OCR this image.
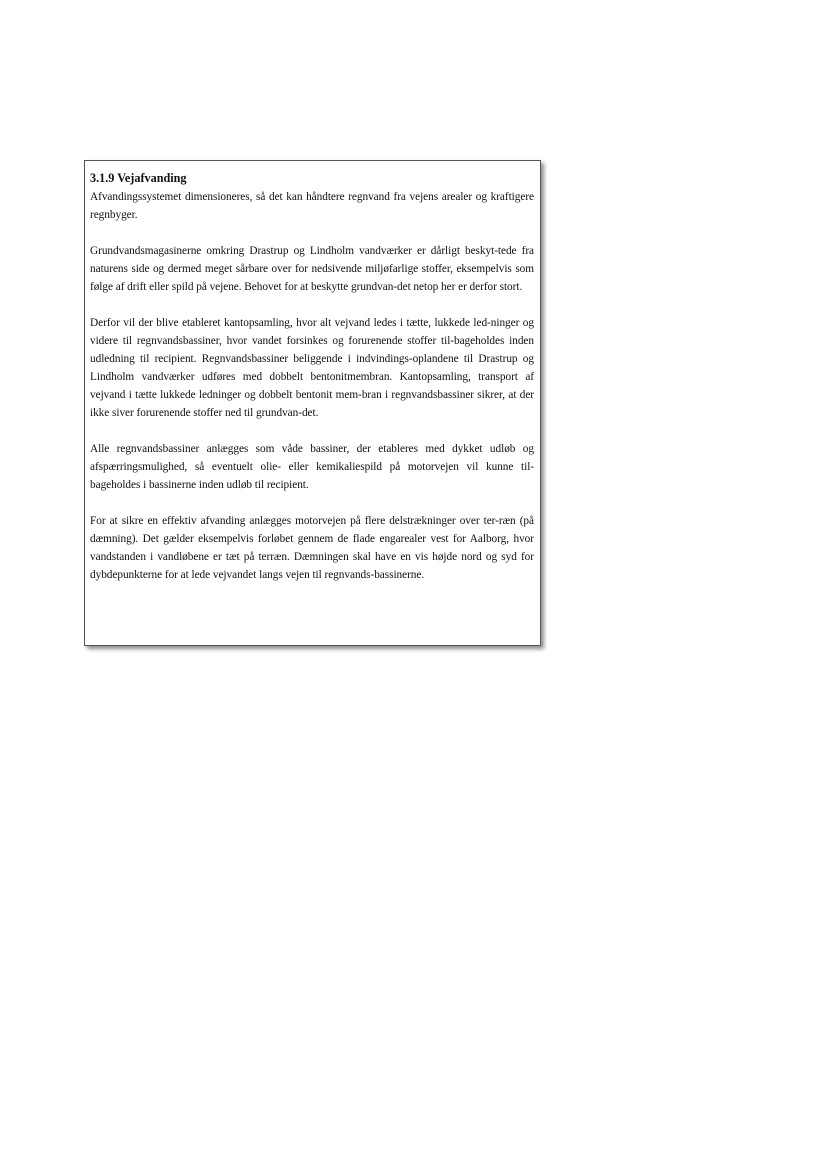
3.1.9 Vejafvanding

Afvandingssystemet dimensioneres, så det kan håndtere regnvand fra vejens arealer og kraftigere regnbyger.

Grundvandsmagasinerne omkring Drastrup og Lindholm vandværker er dårligt beskyt-tede fra naturens side og dermed meget sårbare over for nedsivende miljøfarlige stoffer, eksempelvis som følge af drift eller spild på vejene. Behovet for at beskytte grundvan-det netop her er derfor stort.

Derfor vil der blive etableret kantopsamling, hvor alt vejvand ledes i tætte, lukkede led-ninger og videre til regnvandsbassiner, hvor vandet forsinkes og forurenende stoffer til-bageholdes inden udledning til recipient. Regnvandsbassiner beliggende i indvindings-oplandene til Drastrup og Lindholm vandværker udføres med dobbelt bentonitmembran. Kantopsamling, transport af vejvand i tætte lukkede ledninger og dobbelt bentonit mem-bran i regnvandsbassiner sikrer, at der ikke siver forurenende stoffer ned til grundvan-det.

Alle regnvandsbassiner anlægges som våde bassiner, der etableres med dykket udløb og afspærringsmulighed, så eventuelt olie- eller kemikaliespild på motorvejen vil kunne til-bageholdes i bassinerne inden udløb til recipient.

For at sikre en effektiv afvanding anlægges motorvejen på flere delstrækninger over ter-ræn (på dæmning). Det gælder eksempelvis forløbet gennem de flade engarealer vest for Aalborg, hvor vandstanden i vandløbene er tæt på terræn. Dæmningen skal have en vis højde nord og syd for dybdepunkterne for at lede vejvandet langs vejen til regnvands-bassinerne.
